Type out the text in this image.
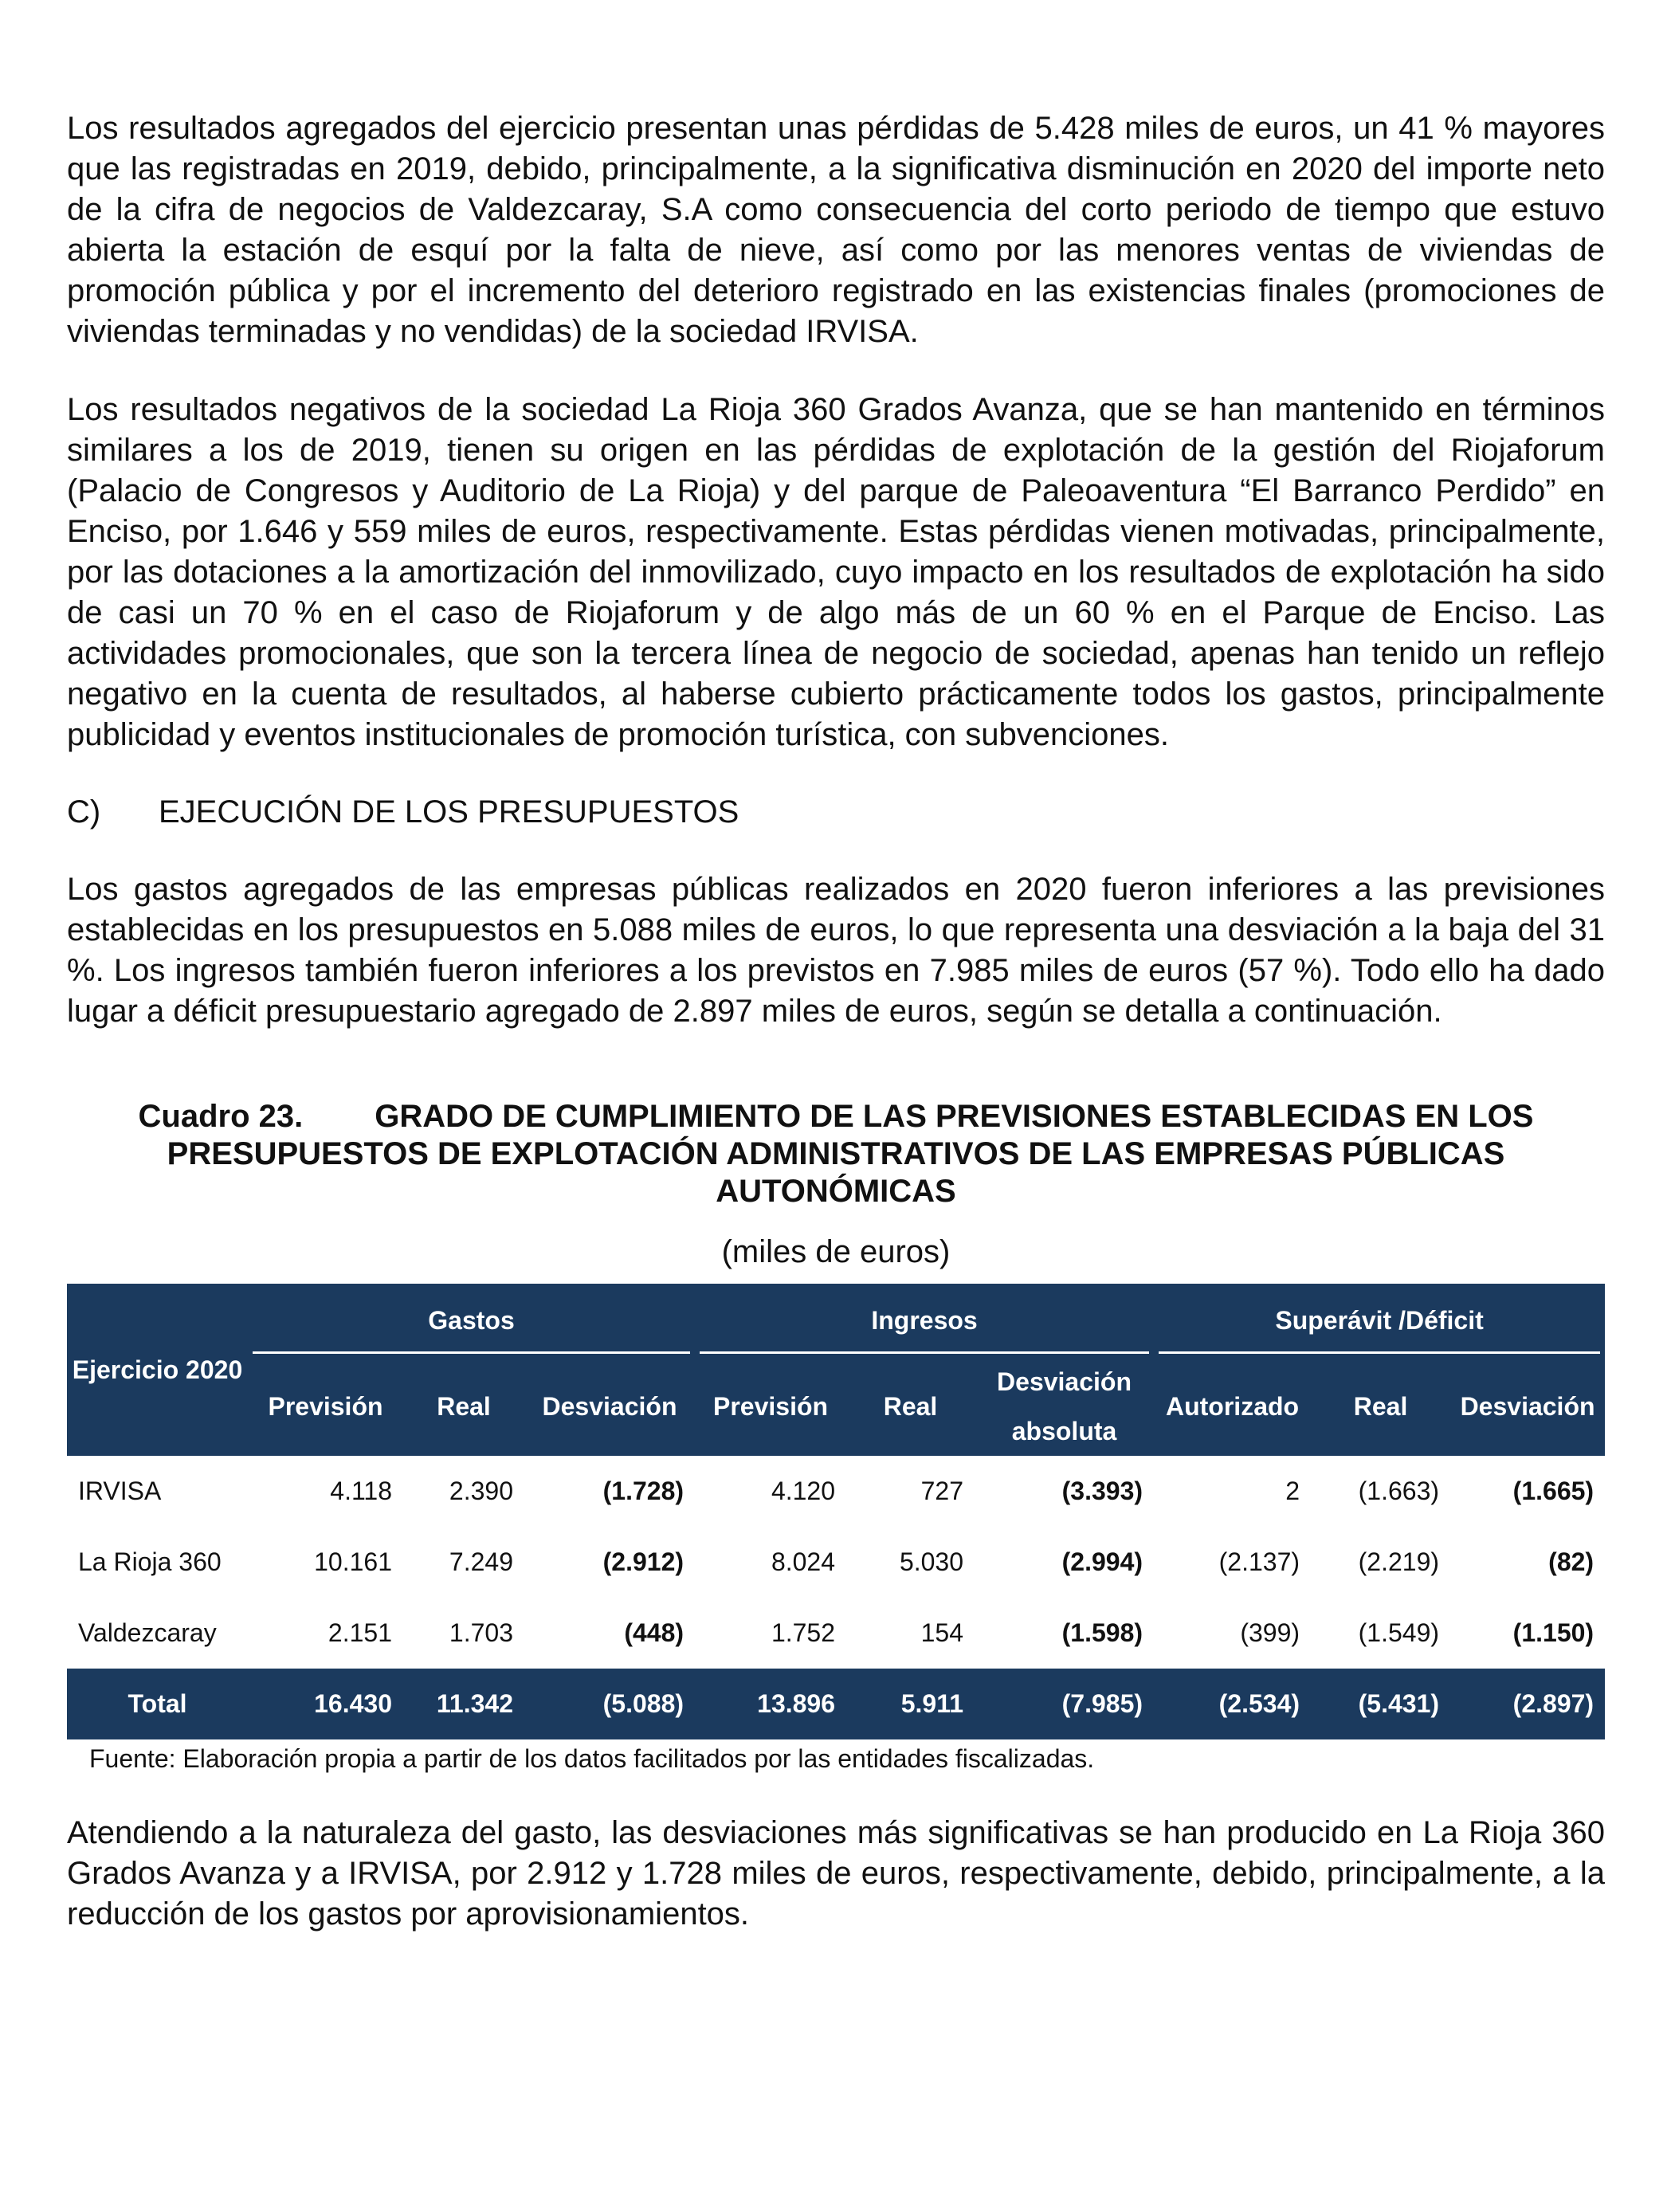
Los resultados agregados del ejercicio presentan unas pérdidas de 5.428 miles de euros, un 41 % mayores que las registradas en 2019, debido, principalmente, a la significativa disminución en 2020 del importe neto de la cifra de negocios de Valdezcaray, S.A como consecuencia del corto periodo de tiempo que estuvo abierta la estación de esquí por la falta de nieve, así como por las menores ventas de viviendas de promoción pública y por el incremento del deterioro registrado en las existencias finales (promociones de viviendas terminadas y no vendidas) de la sociedad IRVISA.

Los resultados negativos de la sociedad La Rioja 360 Grados Avanza, que se han mantenido en términos similares a los de 2019, tienen su origen en las pérdidas de explotación de la gestión del Riojaforum (Palacio de Congresos y Auditorio de La Rioja) y del parque de Paleoaventura “El Barranco Perdido” en Enciso, por 1.646 y 559 miles de euros, respectivamente. Estas pérdidas vienen motivadas, principalmente, por las dotaciones a la amortización del inmovilizado, cuyo impacto en los resultados de explotación ha sido de casi un 70 % en el caso de Riojaforum y de algo más de un 60 % en el Parque de Enciso. Las actividades promocionales, que son la tercera línea de negocio de sociedad, apenas han tenido un reflejo negativo en la cuenta de resultados, al haberse cubierto prácticamente todos los gastos, principalmente publicidad y eventos institucionales de promoción turística, con subvenciones.

C) EJECUCIÓN DE LOS PRESUPUESTOS

Los gastos agregados de las empresas públicas realizados en 2020 fueron inferiores a las previsiones establecidas en los presupuestos en 5.088 miles de euros, lo que representa una desviación a la baja del 31 %. Los ingresos también fueron inferiores a los previstos en 7.985 miles de euros (57 %). Todo ello ha dado lugar a déficit presupuestario agregado de 2.897 miles de euros, según se detalla a continuación.

Cuadro 23. GRADO DE CUMPLIMIENTO DE LAS PREVISIONES ESTABLECIDAS EN LOS PRESUPUESTOS DE EXPLOTACIÓN ADMINISTRATIVOS DE LAS EMPRESAS PÚBLICAS AUTONÓMICAS
(miles de euros)
Ejercicio 2020	Gastos			Ingresos			Superávit /Déficit		
	Previsión	Real	Desviación	Previsión	Real	Desviación absoluta	Autorizado	Real	Desviación
IRVISA	4.118	2.390	(1.728)	4.120	727	(3.393)	2	(1.663)	(1.665)
La Rioja 360	10.161	7.249	(2.912)	8.024	5.030	(2.994)	(2.137)	(2.219)	(82)
Valdezcaray	2.151	1.703	(448)	1.752	154	(1.598)	(399)	(1.549)	(1.150)
Total	16.430	11.342	(5.088)	13.896	5.911	(7.985)	(2.534)	(5.431)	(2.897)
Fuente: Elaboración propia a partir de los datos facilitados por las entidades fiscalizadas.

Atendiendo a la naturaleza del gasto, las desviaciones más significativas se han producido en La Rioja 360 Grados Avanza y a IRVISA, por 2.912 y 1.728 miles de euros, respectivamente, debido, principalmente, a la reducción de los gastos por aprovisionamientos.
